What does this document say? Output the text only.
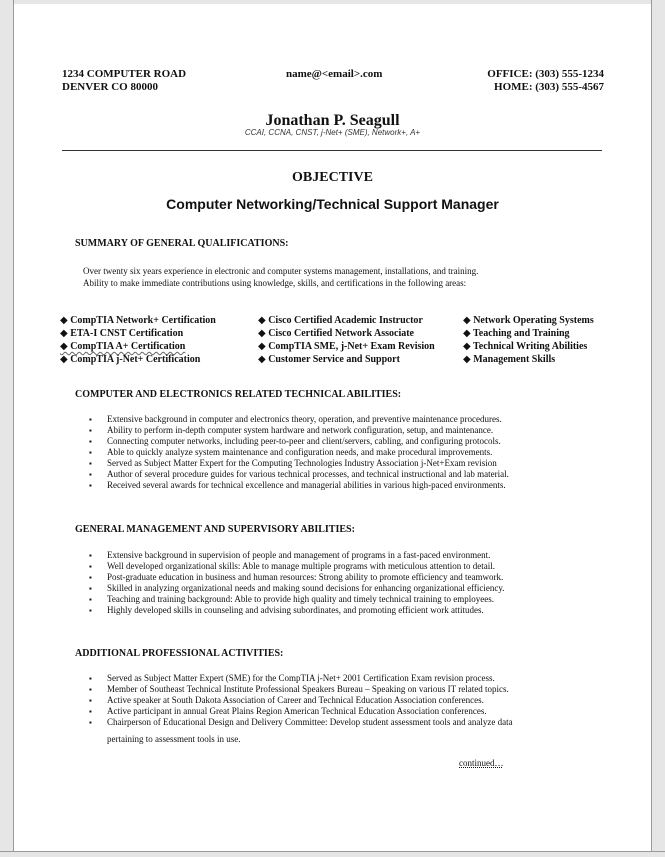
1234 COMPUTER ROAD
DENVER CO 80000
name@<email>.com	OFFICE: (303) 555-1234
HOME: (303) 555-4567
Jonathan P. Seagull
CCAI, CCNA, CNST, j-Net+ (SME), Network+, A+
OBJECTIVE
Computer Networking/Technical Support Manager
SUMMARY OF GENERAL QUALIFICATIONS:
Over twenty six years experience in electronic and computer systems management, installations, and training.
Ability to make immediate contributions using knowledge, skills, and certifications in the following areas:
◆ CompTIA Network+ Certification	◆ Cisco Certified Academic Instructor	◆ Network Operating Systems
◆ ETA-I CNST Certification	◆ Cisco Certified Network Associate	◆ Teaching and Training
◆ CompTIA A+ Certification	◆ CompTIA SME, j-Net+ Exam Revision	◆ Technical Writing Abilities
◆ CompTIA j-Net+ Certification	◆ Customer Service and Support	◆ Management Skills
COMPUTER AND ELECTRONICS RELATED TECHNICAL ABILITIES:
▪ Extensive background in computer and electronics theory, operation, and preventive maintenance procedures.
▪ Ability to perform in-depth computer system hardware and network configuration, setup, and maintenance.
▪ Connecting computer networks, including peer-to-peer and client/servers, cabling, and configuring protocols.
▪ Able to quickly analyze system maintenance and configuration needs, and make procedural improvements.
▪ Served as Subject Matter Expert for the Computing Technologies Industry Association j-Net+Exam revision
▪ Author of several procedure guides for various technical processes, and technical instructional and lab material.
▪ Received several awards for technical excellence and managerial abilities in various high-paced environments.
GENERAL MANAGEMENT AND SUPERVISORY ABILITIES:
▪ Extensive background in supervision of people and management of programs in a fast-paced environment.
▪ Well developed organizational skills: Able to manage multiple programs with meticulous attention to detail.
▪ Post-graduate education in business and human resources: Strong ability to promote efficiency and teamwork.
▪ Skilled in analyzing organizational needs and making sound decisions for enhancing organizational efficiency.
▪ Teaching and training background: Able to provide high quality and timely technical training to employees.
▪ Highly developed skills in counseling and advising subordinates, and promoting efficient work attitudes.
ADDITIONAL PROFESSIONAL ACTIVITIES:
▪ Served as Subject Matter Expert (SME) for the CompTIA j-Net+ 2001 Certification Exam revision process.
▪ Member of Southeast Technical Institute Professional Speakers Bureau – Speaking on various IT related topics.
▪ Active speaker at South Dakota Association of Career and Technical Education Association conferences.
▪ Active participant in annual Great Plains Region American Technical Education Association conferences.
▪ Chairperson of Educational Design and Delivery Committee: Develop student assessment tools and analyze data
pertaining to assessment tools in use.
continued…
